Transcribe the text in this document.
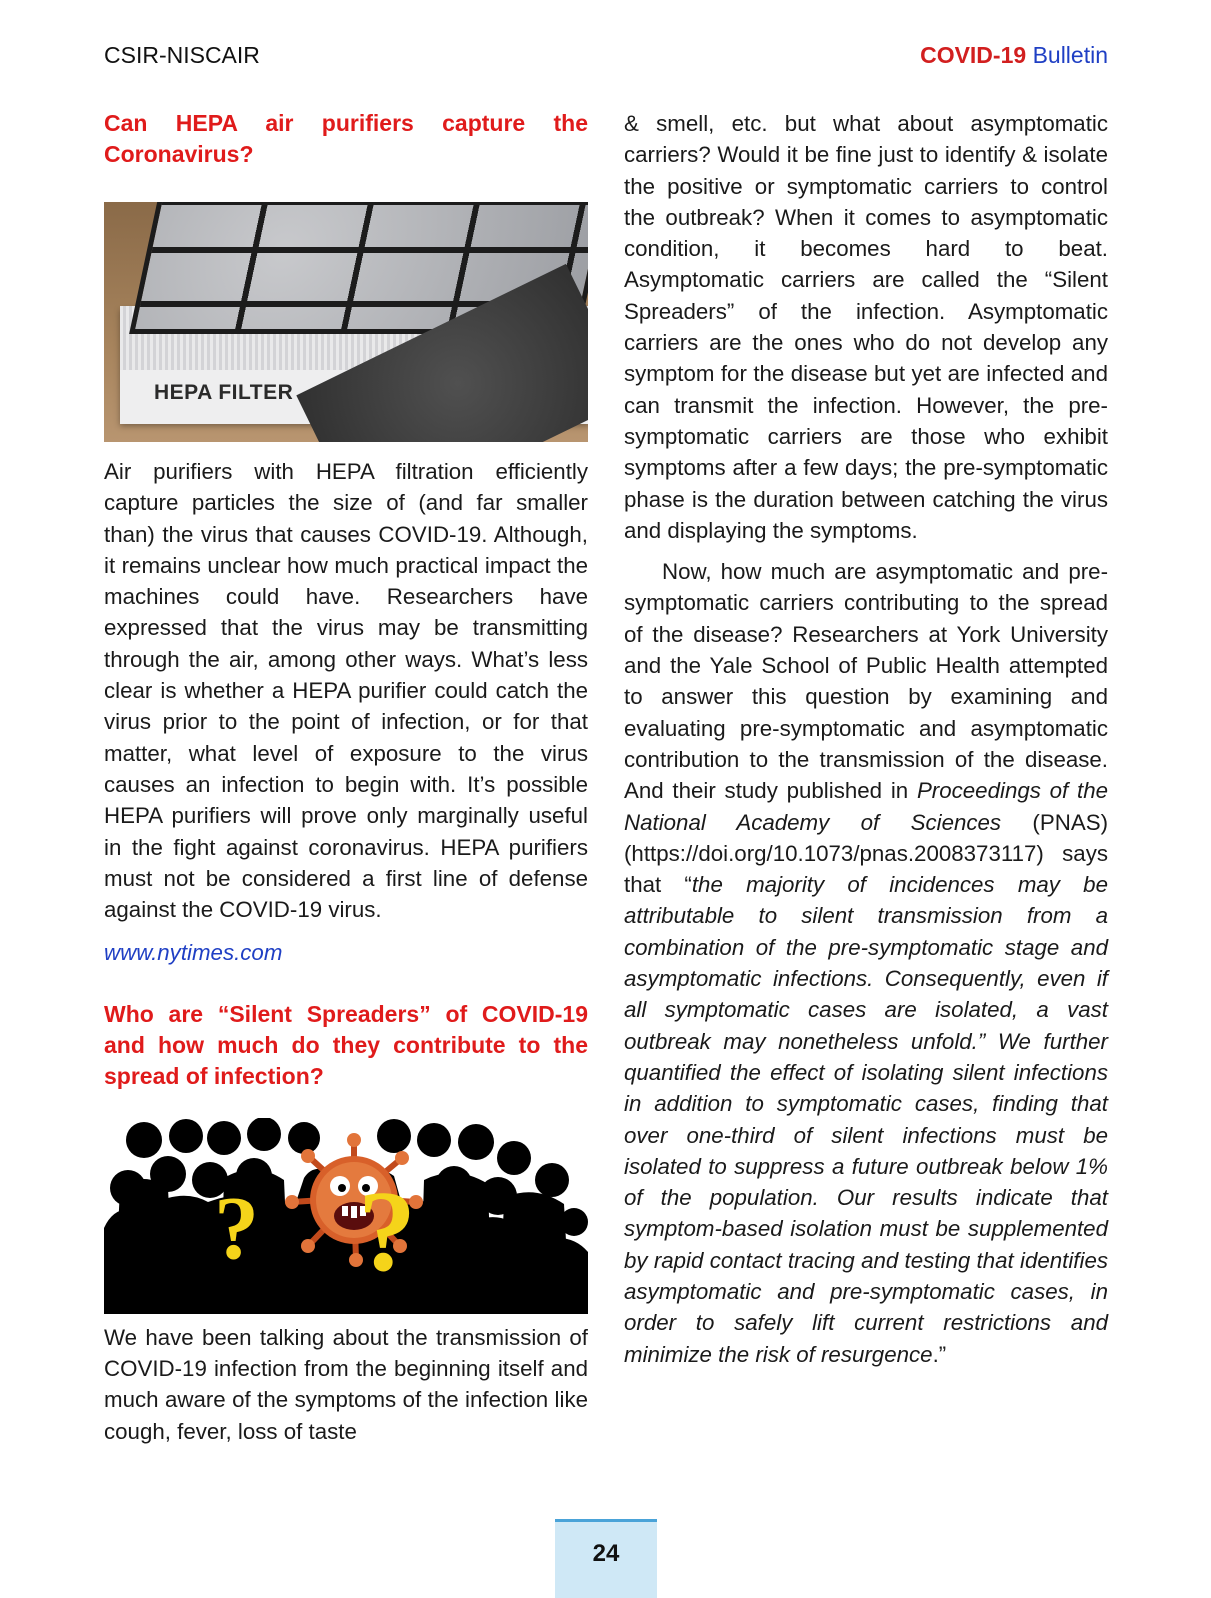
CSIR-NISCAIR	COVID-19 Bulletin
Can HEPA air purifiers capture the Coronavirus?
HEPA FILTER

Air purifiers with HEPA filtration efficiently capture particles the size of (and far smaller than) the virus that causes COVID-19. Although, it remains unclear how much practical impact the machines could have. Researchers have expressed that the virus may be transmitting through the air, among other ways. What’s less clear is whether a HEPA purifier could catch the virus prior to the point of infection, or for that matter, what level of exposure to the virus causes an infection to begin with. It’s possible HEPA purifiers will prove only marginally useful in the fight against coronavirus. HEPA purifiers must not be considered a first line of defense against the COVID-19 virus.

www.nytimes.com
Who are “Silent Spreaders” of COVID-19 and how much do they contribute to the spread of infection?
? ?

We have been talking about the transmission of COVID-19 infection from the beginning itself and much aware of the symptoms of the infection like cough, fever, loss of taste

& smell, etc. but what about asymptomatic carriers? Would it be fine just to identify & isolate the positive or symptomatic carriers to control the outbreak? When it comes to asymptomatic condition, it becomes hard to beat. Asymptomatic carriers are called the “Silent Spreaders” of the infection. Asymptomatic carriers are the ones who do not develop any symptom for the disease but yet are infected and can transmit the infection. However, the pre-symptomatic carriers are those who exhibit symptoms after a few days; the pre-symptomatic phase is the duration between catching the virus and displaying the symptoms.

Now, how much are asymptomatic and pre-symptomatic carriers contributing to the spread of the disease? Researchers at York University and the Yale School of Public Health attempted to answer this question by examining and evaluating pre-symptomatic and asymptomatic contribution to the transmission of the disease. And their study published in Proceedings of the National Academy of Sciences (PNAS) (https://doi.org/10.1073/pnas.2008373117) says that “the majority of incidences may be attributable to silent transmission from a combination of the pre-symptomatic stage and asymptomatic infections. Consequently, even if all symptomatic cases are isolated, a vast outbreak may nonetheless unfold.” We further quantified the effect of isolating silent infections in addition to symptomatic cases, finding that over one-third of silent infections must be isolated to suppress a future outbreak below 1% of the population. Our results indicate that symptom-based isolation must be supplemented by rapid contact tracing and testing that identifies asymptomatic and pre-symptomatic cases, in order to safely lift current restrictions and minimize the risk of resurgence.”

24
